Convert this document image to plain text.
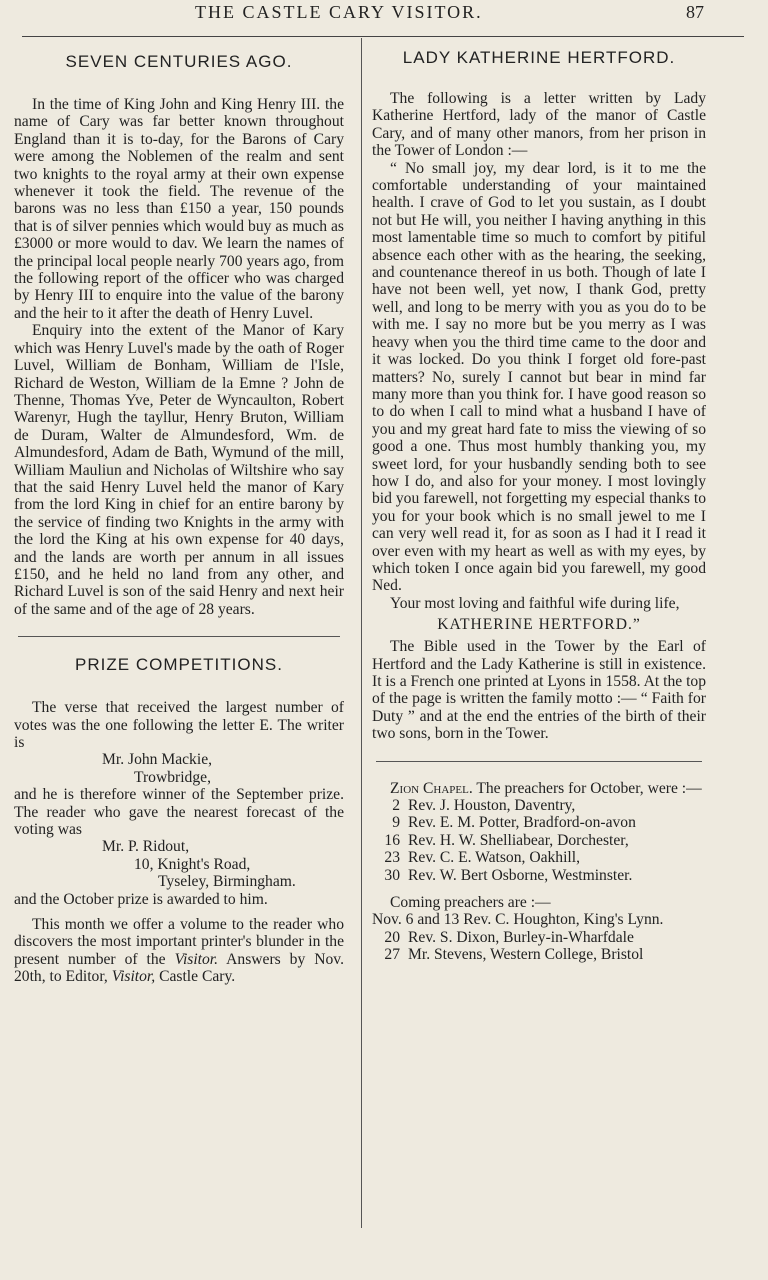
THE CASTLE CARY VISITOR.	87
SEVEN CENTURIES AGO.

In the time of King John and King Henry III. the name of Cary was far better known throughout England than it is to-day, for the Barons of Cary were among the Noblemen of the realm and sent two knights to the royal army at their own expense whenever it took the field. The revenue of the barons was no less than £150 a year, 150 pounds that is of silver pennies which would buy as much as £3000 or more would to dav. We learn the names of the principal local people nearly 700 years ago, from the following report of the officer who was charged by Henry III to enquire into the value of the barony and the heir to it after the death of Henry Luvel.

Enquiry into the extent of the Manor of Kary which was Henry Luvel's made by the oath of Roger Luvel, William de Bonham, William de l'Isle, Richard de Weston, William de la Emne ? John de Thenne, Thomas Yve, Peter de Wyncaulton, Robert Warenyr, Hugh the tayllur, Henry Bruton, William de Duram, Walter de Almundesford, Wm. de Almundesford, Adam de Bath, Wymund of the mill, William Mauliun and Nicholas of Wiltshire who say that the said Henry Luvel held the manor of Kary from the lord King in chief for an entire barony by the service of finding two Knights in the army with the lord the King at his own expense for 40 days, and the lands are worth per annum in all issues £150, and he held no land from any other, and Richard Luvel is son of the said Henry and next heir of the same and of the age of 28 years.

PRIZE COMPETITIONS.

The verse that received the largest number of votes was the one following the letter E. The writer is

Mr. John Mackie,
Trowbridge,

and he is therefore winner of the September prize. The reader who gave the nearest forecast of the voting was

Mr. P. Ridout,
10, Knight's Road,
Tyseley, Birmingham.

and the October prize is awarded to him.

This month we offer a volume to the reader who discovers the most important printer's blunder in the present number of the Visitor. Answers by Nov. 20th, to Editor, Visitor, Castle Cary.

LADY KATHERINE HERTFORD.

The following is a letter written by Lady Katherine Hertford, lady of the manor of Castle Cary, and of many other manors, from her prison in the Tower of London :—

“ No small joy, my dear lord, is it to me the comfortable understanding of your maintained health. I crave of God to let you sustain, as I doubt not but He will, you neither I having anything in this most lamentable time so much to comfort by pitiful absence each other with as the hearing, the seeking, and countenance thereof in us both. Though of late I have not been well, yet now, I thank God, pretty well, and long to be merry with you as you do to be with me. I say no more but be you merry as I was heavy when you the third time came to the door and it was locked. Do you think I forget old fore-past matters? No, surely I cannot but bear in mind far many more than you think for. I have good reason so to do when I call to mind what a husband I have of you and my great hard fate to miss the viewing of so good a one. Thus most humbly thanking you, my sweet lord, for your husbandly sending both to see how I do, and also for your money. I most lovingly bid you farewell, not forgetting my especial thanks to you for your book which is no small jewel to me I can very well read it, for as soon as I had it I read it over even with my heart as well as with my eyes, by which token I once again bid you farewell, my good Ned.

Your most loving and faithful wife during life,

KATHERINE HERTFORD.”

The Bible used in the Tower by the Earl of Hertford and the Lady Katherine is still in existence. It is a French one printed at Lyons in 1558. At the top of the page is written the family motto :— “ Faith for Duty ” and at the end the entries of the birth of their two sons, born in the Tower.

Zion Chapel. The preachers for October, were :—

2 Rev. J. Houston, Daventry,
9 Rev. E. M. Potter, Bradford-on-avon
16 Rev. H. W. Shelliabear, Dorchester,
23 Rev. C. E. Watson, Oakhill,
30 Rev. W. Bert Osborne, Westminster.

Coming preachers are :—

Nov. 6 and 13 Rev. C. Houghton, King's Lynn.

20 Rev. S. Dixon, Burley-in-Wharfdale
27 Mr. Stevens, Western College, Bristol
